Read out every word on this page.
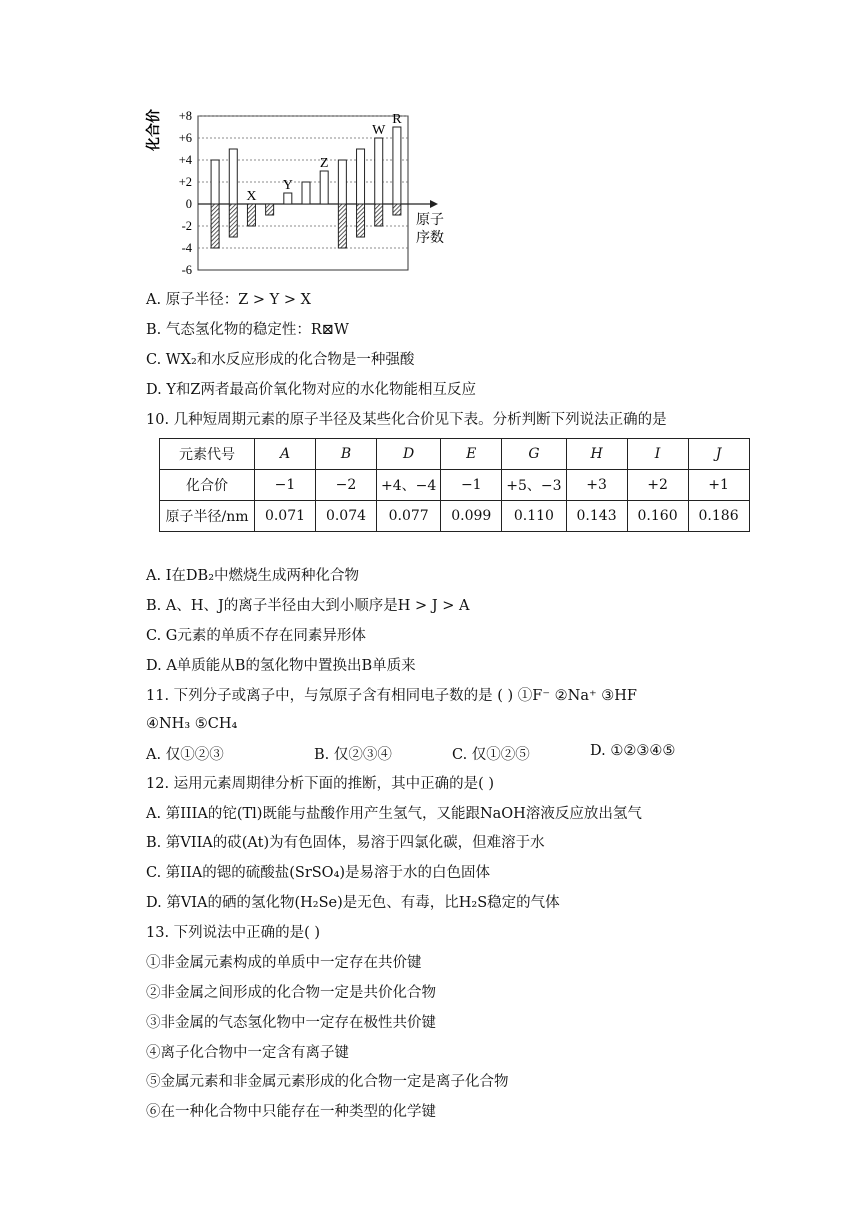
化合价 +8
+6
+4
+2
0
-2
-4
-6
X
Y
Z
W
R
原子
序数
A. 原子半径：Z > Y > X
B. 气态氢化物的稳定性：R⊠W
C. WX₂和水反应形成的化合物是一种强酸
D. Y和Z两者最高价氧化物对应的水化物能相互反应
10. 几种短周期元素的原子半径及某些化合价见下表。分析判断下列说法正确的是
元素代号	A	B	D	E	G	H	I	J
化合价	−1	−2	+4、−4	−1	+5、−3	+3	+2	+1
原子半径/nm	0.071	0.074	0.077	0.099	0.110	0.143	0.160	0.186
A. I在DB₂中燃烧生成两种化合物
B. A、H、J的离子半径由大到小顺序是H > J > A
C. G元素的单质不存在同素异形体
D. A单质能从B的氢化物中置换出B单质来
11. 下列分子或离子中，与氖原子含有相同电子数的是 ( ) ①F⁻ ②Na⁺ ③HF
④NH₃ ⑤CH₄
A. 仅①②③	B. 仅②③④	C. 仅①②⑤	D. ①②③④⑤
12. 运用元素周期律分析下面的推断，其中正确的是( )
A. 第IIIA的铊(Tl)既能与盐酸作用产生氢气，又能跟NaOH溶液反应放出氢气
B. 第VIIA的砹(At)为有色固体，易溶于四氯化碳，但难溶于水
C. 第IIA的锶的硫酸盐(SrSO₄)是易溶于水的白色固体
D. 第VIA的硒的氢化物(H₂Se)是无色、有毒，比H₂S稳定的气体
13. 下列说法中正确的是( )
①非金属元素构成的单质中一定存在共价键
②非金属之间形成的化合物一定是共价化合物
③非金属的气态氢化物中一定存在极性共价键
④离子化合物中一定含有离子键
⑤金属元素和非金属元素形成的化合物一定是离子化合物
⑥在一种化合物中只能存在一种类型的化学键
